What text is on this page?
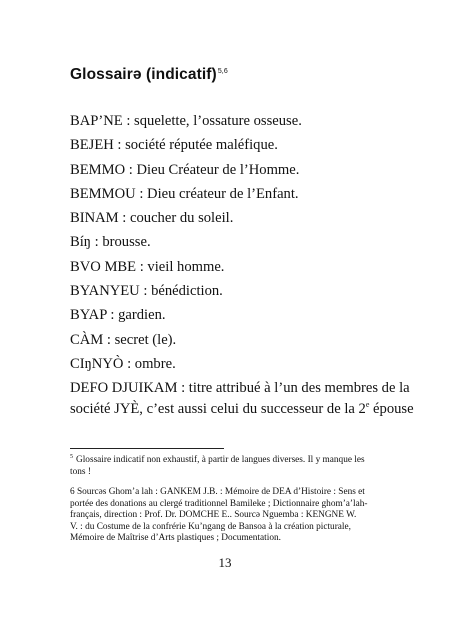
Glossairə (indicatif)$^{5,6}$
BAP’NE : squelette, l’ossature osseuse.
BEJEH : société réputée maléfique.
BEMMO : Dieu Créateur de l’Homme.
BEMMOU : Dieu créateur de l’Enfant.
BINAM : coucher du soleil.
Bíŋ : brousse.
BVO MBE : vieil homme.
BYANYEU : bénédiction.
BYAP : gardien.
CÀM : secret (le).
CIŋNYÒ : ombre.
DEFO DJUIKAM : titre attribué à l’un des membres de la
société JYÈ, c’est aussi celui du successeur de la 2e épouse
$^5$ Glossaire indicatif non exhaustif, à partir de langues diverses. Il y manque les
tons !
6 Sourcəs Ghom’a lah : GANKEM J.B. : Mémoire de DEA d’Histoire : Sens et
portée des donations au clergé traditionnel Bamileke ; Dictionnaire ghom’a’lah-
français, direction : Prof. Dr. DOMCHE E.. Sourcə Nguemba : KENGNE W.
V. : du Costume de la confrérie Ku’ngang de Bansoa à la création picturale,
Mémoire de Maîtrise d’Arts plastiques ; Documentation.
13
